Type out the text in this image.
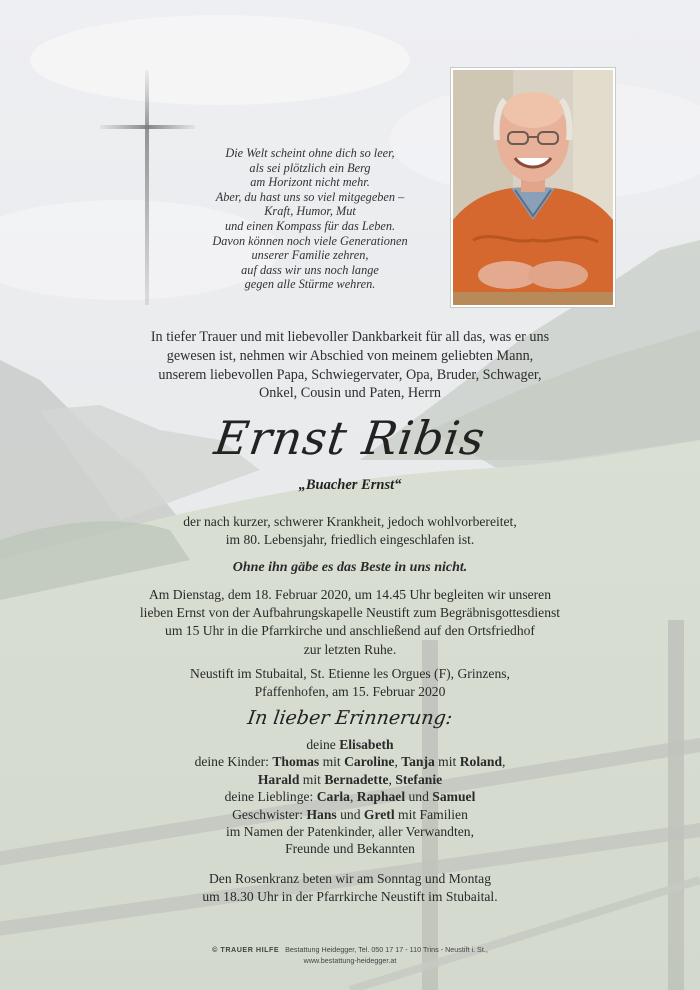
Die Welt scheint ohne dich so leer,
als sei plötzlich ein Berg
am Horizont nicht mehr.
Aber, du hast uns so viel mitgegeben –
Kraft, Humor, Mut
und einen Kompass für das Leben.
Davon können noch viele Generationen
unserer Familie zehren,
auf dass wir uns noch lange
gegen alle Stürme wehren.
In tiefer Trauer und mit liebevoller Dankbarkeit für all das, was er uns
gewesen ist, nehmen wir Abschied von meinem geliebten Mann,
unserem liebevollen Papa, Schwiegervater, Opa, Bruder, Schwager,
Onkel, Cousin und Paten, Herrn
Ernst Ribis
„Buacher Ernst“
der nach kurzer, schwerer Krankheit, jedoch wohlvorbereitet,
im 80. Lebensjahr, friedlich eingeschlafen ist.
Ohne ihn gäbe es das Beste in uns nicht.
Am Dienstag, dem 18. Februar 2020, um 14.45 Uhr begleiten wir unseren
lieben Ernst von der Aufbahrungskapelle Neustift zum Begräbnisgottesdienst
um 15 Uhr in die Pfarrkirche und anschließend auf den Ortsfriedhof
zur letzten Ruhe.
Neustift im Stubaital, St. Etienne les Orgues (F), Grinzens,
Pfaffenhofen, am 15. Februar 2020
In lieber Erinnerung:
deine Elisabeth
deine Kinder: Thomas mit Caroline, Tanja mit Roland,
Harald mit Bernadette, Stefanie
deine Lieblinge: Carla, Raphael und Samuel
Geschwister: Hans und Gretl mit Familien
im Namen der Patenkinder, aller Verwandten,
Freunde und Bekannten
Den Rosenkranz beten wir am Sonntag und Montag
um 18.30 Uhr in der Pfarrkirche Neustift im Stubaital.
© TRAUER HILFE Bestattung Heidegger, Tel. 050 17 17 - 110 Trins - Neustift i. St.,
www.bestattung-heidegger.at
